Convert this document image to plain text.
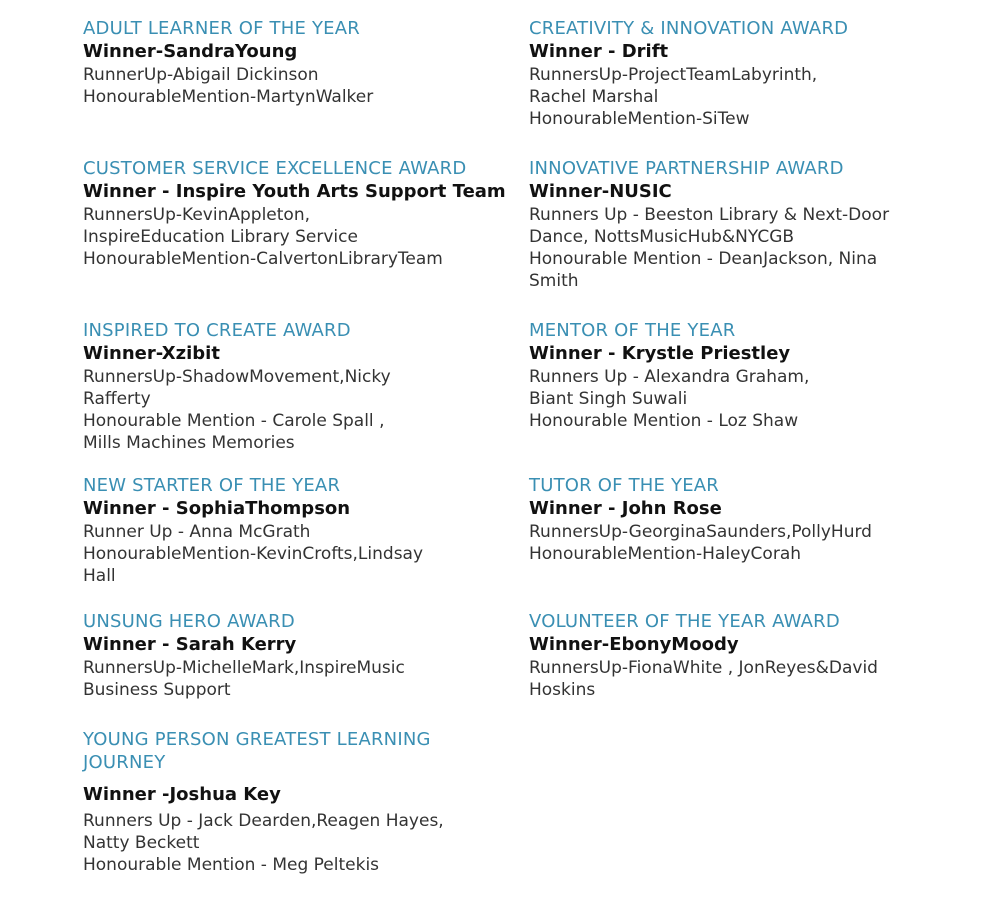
ADULT LEARNER OF THE YEAR

Winner-SandraYoung

RunnerUp-Abigail Dickinson

HonourableMention-MartynWalker

CUSTOMER SERVICE EXCELLENCE AWARD

Winner - Inspire Youth Arts Support Team

RunnersUp-KevinAppleton,

InspireEducation Library Service

HonourableMention-CalvertonLibraryTeam

INSPIRED TO CREATE AWARD

Winner-Xzibit

RunnersUp-ShadowMovement,Nicky

Rafferty

Honourable Mention - Carole Spall ,

Mills Machines Memories

NEW STARTER OF THE YEAR

Winner - SophiaThompson

Runner Up - Anna McGrath

HonourableMention-KevinCrofts,Lindsay

Hall

UNSUNG HERO AWARD

Winner - Sarah Kerry

RunnersUp-MichelleMark,InspireMusic

Business Support

YOUNG PERSON GREATEST LEARNING

JOURNEY

Winner -Joshua Key

Runners Up - Jack Dearden,Reagen Hayes,

Natty Beckett

Honourable Mention - Meg Peltekis

CREATIVITY & INNOVATION AWARD

Winner - Drift

RunnersUp-ProjectTeamLabyrinth,

Rachel Marshal

HonourableMention-SiTew

INNOVATIVE PARTNERSHIP AWARD

Winner-NUSIC

Runners Up - Beeston Library & Next-Door

Dance, NottsMusicHub&NYCGB

Honourable Mention - DeanJackson, Nina

Smith

MENTOR OF THE YEAR

Winner - Krystle Priestley

Runners Up - Alexandra Graham,

Biant Singh Suwali

Honourable Mention - Loz Shaw

TUTOR OF THE YEAR

Winner - John Rose

RunnersUp-GeorginaSaunders,PollyHurd

HonourableMention-HaleyCorah

VOLUNTEER OF THE YEAR AWARD

Winner-EbonyMoody

RunnersUp-FionaWhite , JonReyes&David

Hoskins
